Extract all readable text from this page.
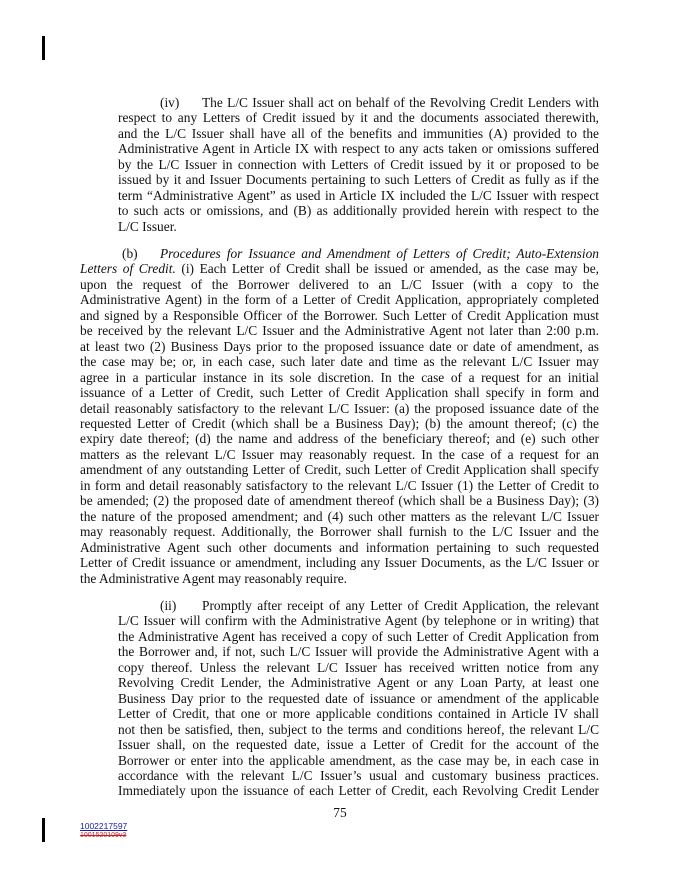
(iv) The L/C Issuer shall act on behalf of the Revolving Credit Lenders with
respect to any Letters of Credit issued by it and the documents associated therewith,
and the L/C Issuer shall have all of the benefits and immunities (A) provided to the
Administrative Agent in Article IX with respect to any acts taken or omissions suffered
by the L/C Issuer in connection with Letters of Credit issued by it or proposed to be
issued by it and Issuer Documents pertaining to such Letters of Credit as fully as if the
term “Administrative Agent” as used in Article IX included the L/C Issuer with respect
to such acts or omissions, and (B) as additionally provided herein with respect to the
L/C Issuer.
(b) Procedures for Issuance and Amendment of Letters of Credit; Auto-Extension
Letters of Credit. (i) Each Letter of Credit shall be issued or amended, as the case may be,
upon the request of the Borrower delivered to an L/C Issuer (with a copy to the
Administrative Agent) in the form of a Letter of Credit Application, appropriately completed
and signed by a Responsible Officer of the Borrower. Such Letter of Credit Application must
be received by the relevant L/C Issuer and the Administrative Agent not later than 2:00 p.m.
at least two (2) Business Days prior to the proposed issuance date or date of amendment, as
the case may be; or, in each case, such later date and time as the relevant L/C Issuer may
agree in a particular instance in its sole discretion. In the case of a request for an initial
issuance of a Letter of Credit, such Letter of Credit Application shall specify in form and
detail reasonably satisfactory to the relevant L/C Issuer: (a) the proposed issuance date of the
requested Letter of Credit (which shall be a Business Day); (b) the amount thereof; (c) the
expiry date thereof; (d) the name and address of the beneficiary thereof; and (e) such other
matters as the relevant L/C Issuer may reasonably request. In the case of a request for an
amendment of any outstanding Letter of Credit, such Letter of Credit Application shall specify
in form and detail reasonably satisfactory to the relevant L/C Issuer (1) the Letter of Credit to
be amended; (2) the proposed date of amendment thereof (which shall be a Business Day); (3)
the nature of the proposed amendment; and (4) such other matters as the relevant L/C Issuer
may reasonably request. Additionally, the Borrower shall furnish to the L/C Issuer and the
Administrative Agent such other documents and information pertaining to such requested
Letter of Credit issuance or amendment, including any Issuer Documents, as the L/C Issuer or
the Administrative Agent may reasonably require.
(ii) Promptly after receipt of any Letter of Credit Application, the relevant
L/C Issuer will confirm with the Administrative Agent (by telephone or in writing) that
the Administrative Agent has received a copy of such Letter of Credit Application from
the Borrower and, if not, such L/C Issuer will provide the Administrative Agent with a
copy thereof. Unless the relevant L/C Issuer has received written notice from any
Revolving Credit Lender, the Administrative Agent or any Loan Party, at least one
Business Day prior to the requested date of issuance or amendment of the applicable
Letter of Credit, that one or more applicable conditions contained in Article IV shall
not then be satisfied, then, subject to the terms and conditions hereof, the relevant L/C
Issuer shall, on the requested date, issue a Letter of Credit for the account of the
Borrower or enter into the applicable amendment, as the case may be, in each case in
accordance with the relevant L/C Issuer’s usual and customary business practices.
Immediately upon the issuance of each Letter of Credit, each Revolving Credit Lender
75
1002217597
1001520109v3
